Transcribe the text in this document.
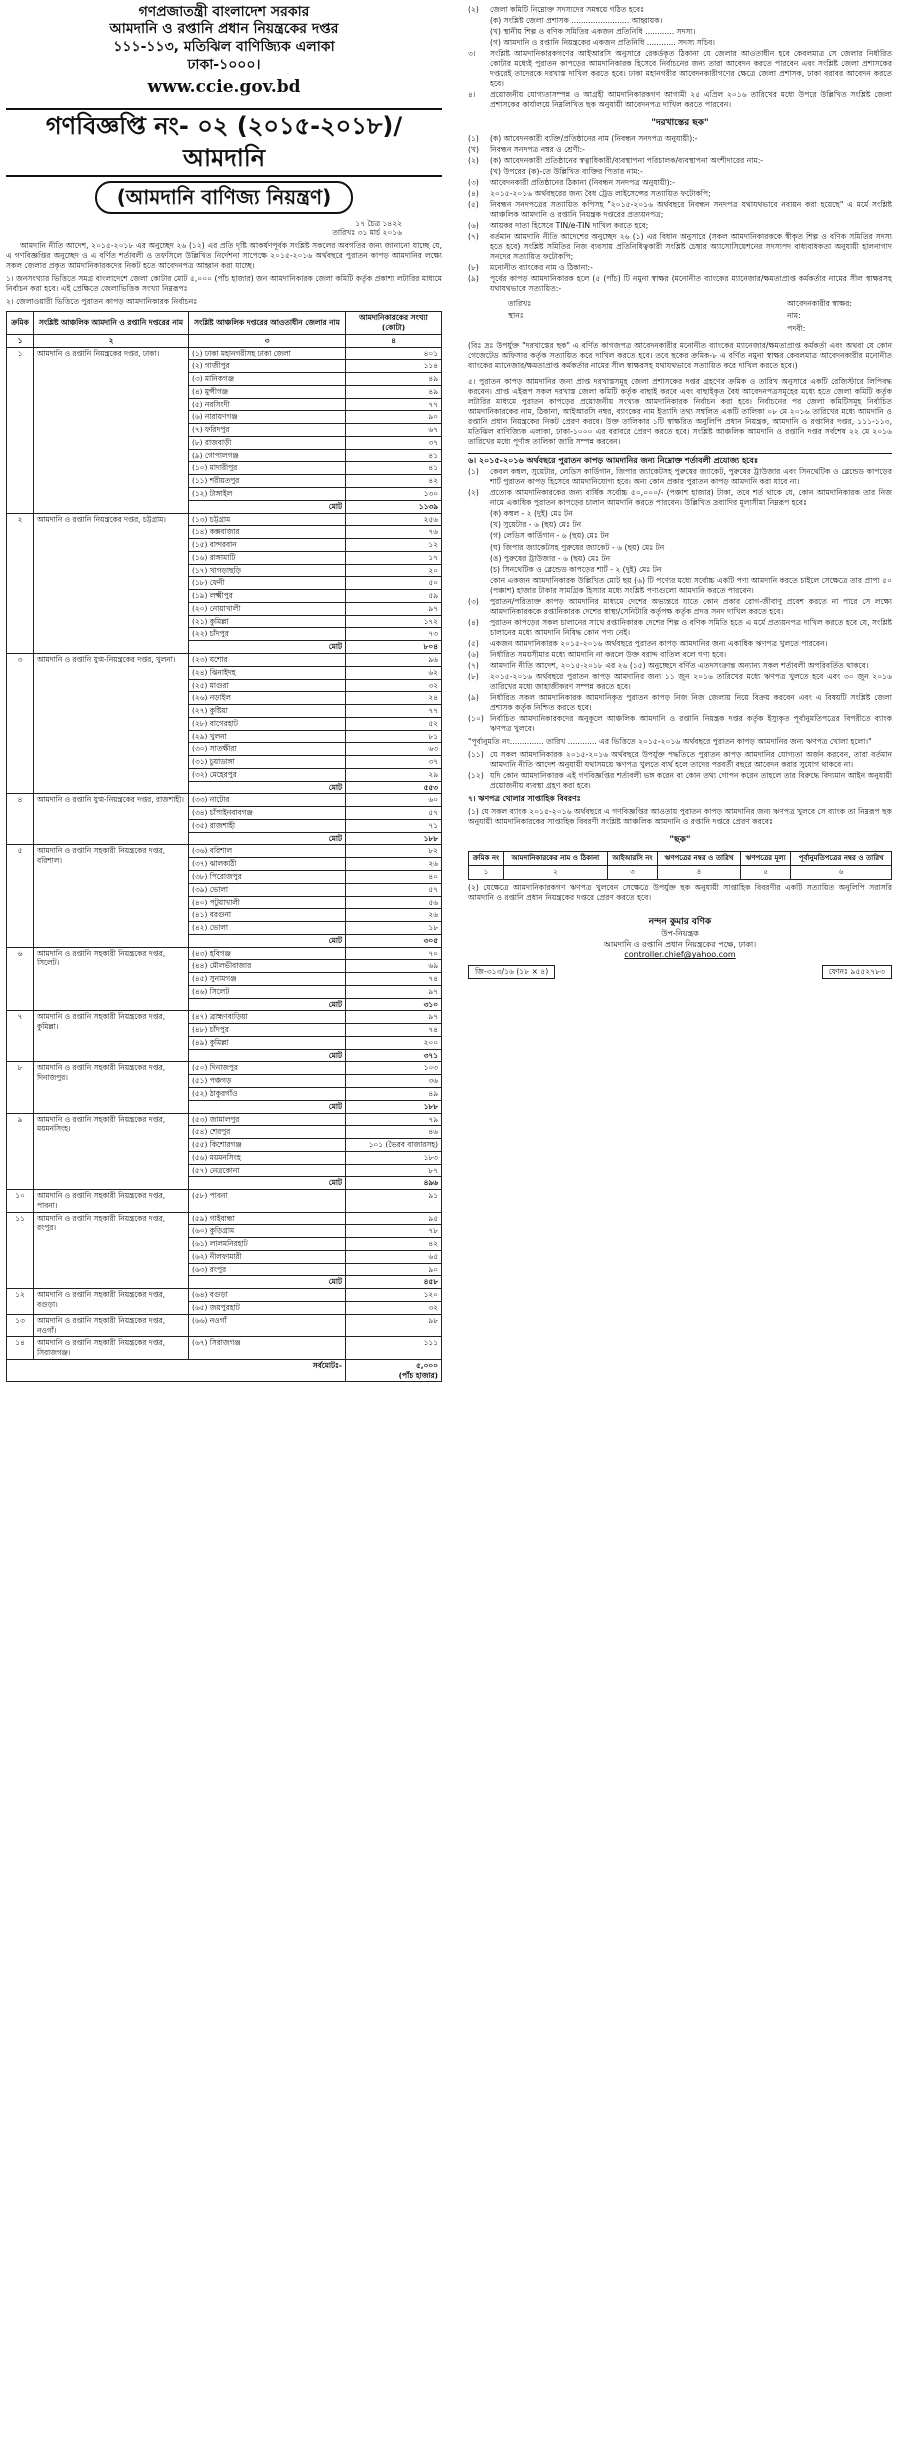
গণপ্রজাতন্ত্রী বাংলাদেশ সরকার
আমদানি ও রপ্তানি প্রধান নিয়ন্ত্রকের দপ্তর
১১১-১১৩, মতিঝিল বাণিজ্যিক এলাকা
ঢাকা-১০০০।
www.ccie.gov.bd
গণবিজ্ঞপ্তি নং- ০২ (২০১৫-২০১৮)/আমদানি
(আমদানি বাণিজ্য নিয়ন্ত্রণ)
১৭ চৈত্র ১৪২২
তারিখঃ ৩১ মার্চ ২০১৬
আমদানি নীতি আদেশ, ২০১৫-২০১৮ এর অনুচ্ছেদ ২৬ (১২) এর প্রতি দৃষ্টি আকর্ষণপূর্বক সংশ্লিষ্ট সকলের অবগতির জন্য জানানো যাচ্ছে যে, এ গণবিজ্ঞপ্তির অনুচ্ছেদ ও এ বর্ণিত শর্তাবলী ও তফসিলে উল্লিখিত নির্দেশনা সাপেক্ষে ২০১৫-২০১৬ অর্থবছরে পুরাতন কাপড় আমদানির লক্ষ্যে সকল জেলার প্রকৃত আমদানিকারকদের নিকট হতে আবেদনপত্র আহ্বান করা যাচ্ছে।
১। জনসংখ্যার ভিত্তিতে সমগ্র বাংলাদেশে জেলা কোটার মোট ৫,০০০ (পাঁচ হাজার) জন আমদানিকারক জেলা কমিটি কর্তৃক প্রকাশ্য লটারির মাধ্যমে নির্বাচন করা হবে। এই প্রেক্ষিতে জেলাভিত্তিক সংখ্যা নিম্নরূপঃ
২। জেলাওয়ারী ভিত্তিতে পুরাতন কাপড় আমদানিকারক নির্বাচনঃ
ক্রমিক	সংশ্লিষ্ট আঞ্চলিক আমদানি ও রপ্তানি দপ্তরের নাম	সংশ্লিষ্ট আঞ্চলিক দপ্তরের আওতাধীন জেলার নাম	আমদানিকারকের সংখ্যা (কোটা)
১	২	৩	৪
১	আমদানি ও রপ্তানি নিয়ন্ত্রকের দপ্তর, ঢাকা।	(১) ঢাকা মহানগরীসহ ঢাকা জেলা	৪০১
		(২) গাজীপুর	১১৪
		(৩) মানিকগঞ্জ	৪৯
		(৪) মুন্সীগঞ্জ	৪৯
		(৫) নরসিংদী	৭৭
		(৬) নারায়ণগঞ্জ	৯০
		(৭) ফরিদপুর	৬৭
		(৮) রাজবাড়ী	৩৭
		(৯) গোপালগঞ্জ	৪১
		(১০) মাদারীপুর	৪১
		(১১) শরীয়তপুর	৪২
		(১২) টাঙ্গাইল	১৩০
		মোট	১১৩৯
২	আমদানি ও রপ্তানি নিয়ন্ত্রকের দপ্তর, চট্টগ্রাম।	(১৩) চট্টগ্রাম	২৫৬
		(১৪) কক্সবাজার	৭৬
		(১৫) বান্দরবান	১২
		(১৬) রাঙ্গামাটি	১৭
		(১৭) খাগড়াছড়ি	২০
		(১৮) ফেনী	৫০
		(১৯) লক্ষ্মীপুর	৫৯
		(২০) নোয়াখালী	৯৭
		(২১) কুমিল্লা	১৭২
		(২২) চাঁদপুর	৭৩
		মোট	৮০৪
৩	আমদানি ও রপ্তানি যুগ্ম-নিয়ন্ত্রকের দপ্তর, খুলনা।	(২৩) যশোর	৯৬
		(২৪) ঝিনাইদহ	৬২
		(২৫) মাগুরা	৩২
		(২৬) নড়াইল	২৪
		(২৭) কুষ্টিয়া	৭৭
		(২৮) বাগেরহাট	৫২
		(২৯) খুলনা	৮১
		(৩০) সাতক্ষীরা	৬৩
		(৩১) চুয়াডাঙ্গা	৩৭
		(৩২) মেহেরপুর	২৯
		মোট	৫৫৩
৪	আমদানি ও রপ্তানি যুগ্ম-নিয়ন্ত্রকের দপ্তর, রাজশাহী।	(৩৩) নাটোর	৬০
		(৩৪) চাঁপাইনবাবগঞ্জ	৫৭
		(৩৫) রাজশাহী	৭১
		মোট	১৮৮
৫	আমদানি ও রপ্তানি সহকারী নিয়ন্ত্রকের দপ্তর, বরিশাল।	(৩৬) বরিশাল	৮২
		(৩৭) ঝালকাঠী	২৬
		(৩৮) পিরোজপুর	৪০
		(৩৯) ভোলা	৫৭
		(৪০) পটুয়াখালী	৫৬
		(৪১) বরগুনা	২৬
		(৪২) ভোলা	১৮
		মোট	৩০৫
৬	আমদানি ও রপ্তানি সহকারী নিয়ন্ত্রকের দপ্তর, সিলেট।	(৪৩) হবিগঞ্জ	৭০
		(৪৪) মৌলভীবাজার	৬৯
		(৪৫) সুনামগঞ্জ	৭৪
		(৪৬) সিলেট	৯৭
		মোট	৩১০
৭	আমদানি ও রপ্তানি সহকারী নিয়ন্ত্রকের দপ্তর, কুমিল্লা।	(৪৭) ব্রাহ্মণবাড়িয়া	৯৭
		(৪৮) চাঁদপুর	৭৪
		(৪৯) কুমিল্লা	২০০
		মোট	৩৭১
৮	আমদানি ও রপ্তানি সহকারী নিয়ন্ত্রকের দপ্তর, দিনাজপুর।	(৫০) দিনাজপুর	১০৩
		(৫১) পঞ্চগড়	৩৬
		(৫২) ঠাকুরগাঁও	৪৯
		মোট	১৮৮
৯	আমদানি ও রপ্তানি সহকারী নিয়ন্ত্রকের দপ্তর, ময়মনসিংহ।	(৫৩) জামালপুর	৭৯
		(৫৪) শেরপুর	৪৬
		(৫৫) কিশোরগঞ্জ	১০১ (ভৈরব বাজারসহ)
		(৫৬) ময়মনসিংহ	১৮৩
		(৫৭) নেত্রকোনা	৮৭
		মোট	৪৯৬
১০	আমদানি ও রপ্তানি সহকারী নিয়ন্ত্রকের দপ্তর, পাবনা।	(৫৮) পাবনা	৯১
১১	আমদানি ও রপ্তানি সহকারী নিয়ন্ত্রকের দপ্তর, রংপুর।	(৫৯) গাইবান্ধা	৯৫
		(৬০) কুড়িগ্রাম	৭৮
		(৬১) লালমনিরহাট	৪২
		(৬২) নীলফামারী	৬৫
		(৬৩) রংপুর	৯০
		মোট	৪৫৮
১২	আমদানি ও রপ্তানি সহকারী নিয়ন্ত্রকের দপ্তর, বগুড়া।	(৬৪) বগুড়া	১২০
		(৬৫) জয়পুরহাট	৩২
১৩	আমদানি ও রপ্তানি সহকারী নিয়ন্ত্রকের দপ্তর, নওগাঁ।	(৬৬) নওগাঁ	৯৮
১৪	আমদানি ও রপ্তানি সহকারী নিয়ন্ত্রকের দপ্তর, সিরাজগঞ্জ।	(৬৭) সিরাজগঞ্জ	১১১
সর্বমোটঃ-			৫,০০০
(পাঁচ হাজার)
(২)	জেলা কমিটি নিম্নোক্ত সদস্যদের সমন্বয়ে গঠিত হবেঃ
(ক) সংশ্লিষ্ট জেলা প্রশাসক ........................ আহ্বায়ক।
(খ) স্থানীয় শিল্প ও বণিক সমিতির একজন প্রতিনিধি ............ সদস্য।
(গ) আমদানি ও রপ্তানি নিয়ন্ত্রকের একজন প্রতিনিধি ............ সদস্য সচিব।
৩।	সংশ্লিষ্ট আমদানিকারকগণের আইআরসি অনুসারে রেকর্ডকৃত ঠিকানা যে জেলার আওতাধীন হবে কেবলমাত্র সে জেলার নির্ধারিত কোটার মধ্যেই পুরাতন কাপড়ের আমদানিকারক হিসেবে নির্বাচনের জন্য তারা আবেদন করতে পারবেন এবং সংশ্লিষ্ট জেলা প্রশাসকের দপ্তরেই তাদেরকে দরখাস্ত দাখিল করতে হবে। ঢাকা মহানগরীর আবেদনকারীগণের ক্ষেত্রে জেলা প্রশাসক, ঢাকা বরাবর আবেদন করতে হবে।
৪।	প্রয়োজনীয় যোগ্যতাসম্পন্ন ও আগ্রহী আমদানিকারকগণ আগামী ২৫ এপ্রিল ২০১৬ তারিখের মধ্যে উপরে উল্লিখিত সংশ্লিষ্ট জেলা প্রশাসকের কার্যালয়ে নিম্নলিখিত ছক অনুযায়ী আবেদনপত্র দাখিল করতে পারবেন।
"দরখাস্তের ছক"
(১)	(ক) আবেদনকারী ব্যক্তি/প্রতিষ্ঠানের নাম (নিবন্ধন সনদপত্র অনুযায়ী):-
(খ)	নিবন্ধন সনদপত্র নম্বর ও শ্রেণী:-
(২)	(ক) আবেদনকারী প্রতিষ্ঠানের স্বত্বাধিকারী/ব্যবস্থাপনা পরিচালক/ব্যবস্থাপনা অংশীদারের নাম:-
(খ) উপরের (ক)-তে উল্লিখিত ব্যক্তির পিতার নাম:-
(৩)	আবেদনকারী প্রতিষ্ঠানের ঠিকানা (নিবন্ধন সনদপত্র অনুযায়ী):-
(৪)	২০১৫-২০১৬ অর্থবছরের জন্য বৈধ ট্রেড লাইসেন্সের সত্যায়িত ফটোকপি;
(৫)	নিবন্ধন সনদপত্রের সত্যায়িত কপিসহ "২০১৫-২০১৬ অর্থবছরে নিবন্ধন সনদপত্র যথাযথভাবে নবায়ন করা হয়েছে" এ মর্মে সংশ্লিষ্ট আঞ্চলিক আমদানি ও রপ্তানি নিয়ন্ত্রক দপ্তরের প্রত্যয়নপত্র;
(৬)	আয়কর দাতা হিসেবে TIN/e-TIN দাখিল করতে হবে;
(৭)	বর্তমান আমদানি নীতি আদেশের অনুচ্ছেদ ২৬ (১) এর বিধান অনুসারে (সকল আমদানিকারককে স্বীকৃত শিল্প ও বণিক সমিতির সদস্য হতে হবে) সংশ্লিষ্ট সমিতির নিজ ব্যবসায় প্রতিনিধিত্বকারী সংশ্লিষ্ট চেম্বার অ্যাসোসিয়েশনের সদস্যপদ বাধ্যবাধকতা অনুযায়ী হালনাগাদ সনদের সত্যায়িত ফটোকপি;
(৮)	মনোনীত ব্যাংকের নাম ও ঠিকানা:-
(৯)	পূর্বের কাপড় আমদানিকারক হলে (৫ (পাঁচ) টি নমুনা স্বাক্ষর (মনোনীত ব্যাংকের ম্যানেজার/ক্ষমতাপ্রাপ্ত কর্মকর্তার নামের সীল স্বাক্ষরসহ যথাযথভাবে সত্যায়িত:-
তারিখঃ
স্থানঃ
আবেদনকারীর স্বাক্ষর:
নাম:
পদবী:
(বিঃ দ্রঃ উপর্যুক্ত "দরখাস্তের ছক" এ বর্ণিত কাগজপত্র আবেদনকারীর মনোনীত ব্যাংকের ম্যানেজার/ক্ষমতাপ্রাপ্ত কর্মকর্তা এবং অথবা যে কোন গেজেটেড অফিসার কর্তৃক সত্যায়িত করে দাখিল করতে হবে। তবে ছকের ক্রমিক-৮ এ বর্ণিত নমুনা স্বাক্ষর কেবলমাত্র আবেদনকারীর মনোনীত ব্যাংকের ম্যানেজার/ক্ষমতাপ্রাপ্ত কর্মকর্তার নামের সীল স্বাক্ষরসহ যথাযথভাবে সত্যায়িত করে দাখিল করতে হবে।)
৫। পুরাতন কাপড় আমদানির জন্য প্রাপ্ত দরখাস্তসমূহ জেলা প্রশাসকের দপ্তর গ্রহণের ক্রমিক ও তারিখ অনুসারে একটি রেজিস্টারে লিপিবদ্ধ করবেন। প্রাপ্ত এইরূপ সকল দরখাস্ত জেলা কমিটি কর্তৃক বাছাই করবে এবং বাছাইকৃত বৈধ আবেদনপত্রসমূহের মধ্যে হতে জেলা কমিটি কর্তৃক লটারির মাধ্যমে পুরাতন কাপড়ের প্রয়োজনীয় সংখ্যক আমদানিকারক নির্বাচন করা হবে। নির্বাচনের পর জেলা কমিটিসমূহ নির্বাচিত আমদানিকারকের নাম, ঠিকানা, আইআরসি নম্বর, ব্যাংকের নাম ইত্যাদি তথ্য সম্বলিত একটি তালিকা ০৮ মে ২০১৬ তারিখের মধ্যে আমদানি ও রপ্তানি প্রধান নিয়ন্ত্রকের নিকট প্রেরণ করবে। উক্ত তালিকার ১টি স্বাক্ষরিত অনুলিপি প্রধান নিয়ন্ত্রক, আমদানি ও রপ্তানির দপ্তর, ১১১-১১৩, মতিঝিল বাণিজ্যিক এলাকা, ঢাকা-১০০০ এর বরাবরে প্রেরণ করতে হবে। সংশ্লিষ্ট আঞ্চলিক আমদানি ও রপ্তানি দপ্তর সর্বশেষ ২২ মে ২০১৬ তারিখের মধ্যে পূর্ণাঙ্গ তালিকা জারি সম্পন্ন করবেন।
৬। ২০১৫-২০১৬ অর্থবছরে পুরাতন কাপড় আমদানির জন্য নিম্নোক্ত শর্তাবলী প্রযোজ্য হবেঃ
(১)	কেবল কম্বল, সুয়েটার, লেডিস কার্ডিগান, জিপার জ্যাকেটসহ পুরুষের জ্যাকেট, পুরুষের ট্রাউজার এবং সিনথেটিক ও ব্লেন্ডেড কাপড়ের শার্ট পুরাতন কাপড় হিসেবে আমদানিযোগ্য হবে। অন্য কোন প্রকার পুরাতন কাপড় আমদানি করা যাবে না।
(২)	প্রত্যেক আমদানিকারকের জন্য বার্ষিক সর্বোচ্চ ৫০,০০০/- (পঞ্চাশ হাজার) টাকা, তবে শর্ত থাকে যে, কোন আমদানিকারক তার নিজ নামে একাধিক পুরাতন কাপড়ের চালান আমদানি করতে পারবেন। উল্লিখিত দ্রব্যাদির মূল্যসীমা নিম্নরূপ হবেঃ
(ক) কম্বল - ২ (দুই) মেঃ টন
(খ) সুয়েটার - ৬ (ছয়) মেঃ টন
(গ) লেডিস কার্ডিগান - ৬ (ছয়) মেঃ টন
(ঘ) জিপার জ্যাকেটসহ পুরুষের জ্যাকেট - ৬ (ছয়) মেঃ টন
(ঙ) পুরুষের ট্রাউজার - ৬ (ছয়) মেঃ টন
(চ) সিনথেটিক ও ব্লেন্ডেড কাপড়ের শার্ট - ২ (দুই) মেঃ টন
কোন একজন আমদানিকারক উল্লিখিত মোট ছয় (৬) টি পণ্যের মধ্যে সর্বোচ্চ একটি পণ্য আমদানি করতে চাইলে সেক্ষেত্রে তার প্রাপ্য ৫০ (পঞ্চাশ) হাজার টাকার সামগ্রিক হিস্যার মধ্যে সংশ্লিষ্ট পণ্যগুলো আমদানি করতে পারবেন।
(৩)	পুরাতন/পরিত্যক্ত কাপড় আমদানির মাধ্যমে দেশের অভ্যন্তরে যাতে কোন প্রকার রোগ-জীবাণু প্রবেশ করতে না পারে সে লক্ষ্যে আমদানিকারককে রপ্তানিকারক দেশের স্বাস্থ্য/সেনিটারি কর্তৃপক্ষ কর্তৃক প্রদত্ত সনদ দাখিল করতে হবে।
(৪)	পুরাতন কাপড়ের সকল চালানের সাথে রপ্তানিকারক দেশের শিল্প ও বণিক সমিতি হতে এ মর্মে প্রত্যয়নপত্র দাখিল করতে হবে যে, সংশ্লিষ্ট চালানের মধ্যে আমদানি নিষিদ্ধ কোন পণ্য নেই।
(৫)	একজন আমদানিকারক ২০১৫-২০১৬ অর্থবছরে পুরাতন কাপড় আমদানির জন্য একাধিক ঋণপত্র খুলতে পারবেন।
(৬)	নির্ধারিত সময়সীমার মধ্যে আমদানি না করলে উক্ত বরাদ্দ বাতিল বলে গণ্য হবে।
(৭)	আমদানি নীতি আদেশ, ২০১৫-২০১৮ এর ২৬ (১৫) অনুচ্ছেদে বর্ণিত এতদসংক্রান্ত অন্যান্য সকল শর্তাবলী অপরিবর্তিত থাকবে।
(৮)	২০১৫-২০১৬ অর্থবছরে পুরাতন কাপড় আমদানির জন্য ১১ জুন ২০১৬ তারিখের মধ্যে ঋণপত্র খুলতে হবে এবং ৩০ জুন ২০১৬ তারিখের মধ্যে জাহাজীকরণ সম্পন্ন করতে হবে।
(৯)	নির্ধারিত সকল আমদানিকারক আমদানিকৃত পুরাতন কাপড় নিজ নিজ জেলায় নিয়ে বিক্রয় করবেন এবং এ বিষয়টি সংশ্লিষ্ট জেলা প্রশাসক কর্তৃক নিশ্চিত করতে হবে।
(১০) নির্বাচিত আমদানিকারকদের অনুকূলে আঞ্চলিক আমদানি ও রপ্তানি নিয়ন্ত্রক দপ্তর কর্তৃক ইস্যুকৃত পূর্বানুমতিপত্রের বিপরীতে ব্যাংক ঋণপত্র খুলবে।
"পূর্বানুমতি নং.............. তারিখ ............ এর ভিত্তিতে ২০১৫-২০১৬ অর্থবছরে পুরাতন কাপড় আমদানির জন্য ঋণপত্র খোলা হলো।"
(১১) যে সকল আমদানিকারক ২০১৫-২০১৬ অর্থবছরে উপর্যুক্ত পদ্ধতিতে পুরাতন কাপড় আমদানির যোগ্যতা অর্জন করবেন, তারা বর্তমান আমদানি নীতি আদেশ অনুযায়ী যথাসময়ে ঋণপত্র খুলতে ব্যর্থ হলে তাদের পরবর্তী বছরে আবেদন করার সুযোগ থাকবে না।
(১২) যদি কোন আমদানিকারক এই গণবিজ্ঞপ্তির শর্তাবলী ভঙ্গ করেন বা কোন তথ্য গোপন করেন তাহলে তার বিরুদ্ধে বিদ্যমান আইন অনুযায়ী প্রয়োজনীয় ব্যবস্থা গ্রহণ করা হবে।
৭। ঋণপত্র খোলার সাপ্তাহিক বিবরণঃ
(১) যে সকল ব্যাংক ২০১৫-২০১৬ অর্থবছরে এ গণবিজ্ঞপ্তির আওতায় পুরাতন কাপড় আমদানির জন্য ঋণপত্র খুলবে সে ব্যাংক তা নিম্নরূপ ছক অনুযায়ী আমদানিকারকের সাপ্তাহিক বিবরণী সংশ্লিষ্ট আঞ্চলিক আমদানি ও রপ্তানি দপ্তরে প্রেরণ করবেঃ
"ছক"
ক্রমিক নং	আমদানিকারকের নাম ও ঠিকানা	আইআরসি নং	ঋণপত্রের নম্বর ও তারিখ	ঋণপত্রের মূল্য	পূর্বানুমতিপত্রের নম্বর ও তারিখ
১	২	৩	৪	৫	৬
(২) যেক্ষেত্রে আমদানিকারকগণ ঋণপত্র খুলবেন সেক্ষেত্রে উপর্যুক্ত ছক অনুযায়ী সাপ্তাহিক বিবরণীর একটি সত্যায়িত অনুলিপি সরাসরি আমদানি ও রপ্তানি প্রধান নিয়ন্ত্রকের দপ্তরে প্রেরণ করতে হবে।
নন্দন কুমার বণিক
উপ-নিয়ন্ত্রক
আমদানি ও রপ্তানি প্রধান নিয়ন্ত্রকের পক্ষে, ঢাকা।
controller.chief@yahoo.com
জি-৩১৩/১৬ (১৮ × ৪)	ফোনঃ ৯৫৫২৭৮৩
